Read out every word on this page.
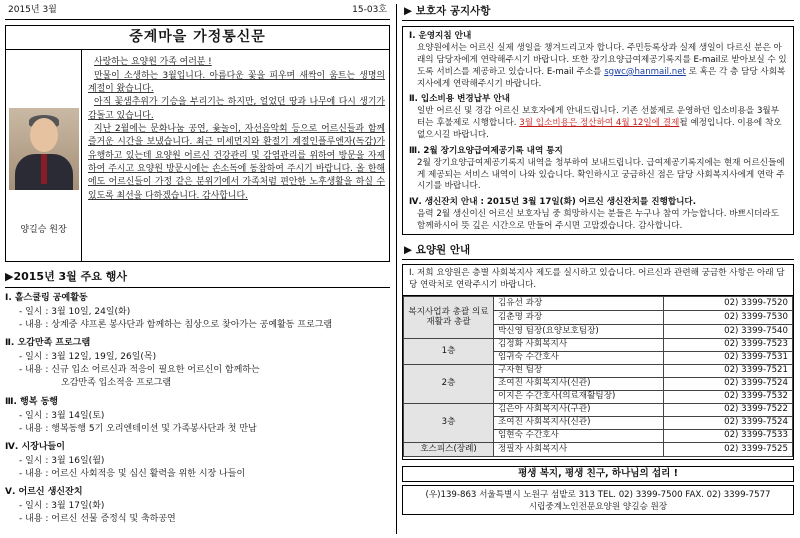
2015년 3월	15-03호
중계마을 가정통신문
양길승 원장

사랑하는 요양원 가족 여러분 !

만물이 소생하는 3월입니다. 아름다운 꽃을 피우며 새싹이 움트는 생명의 계절이 왔습니다.

아직 꽃샘추위가 기승을 부리기는 하지만, 얼었던 땅과 나무에 다시 생기가 감돌고 있습니다.

지난 2월에는 문화나눔 공연, 윷놀이, 자선음악회 등으로 어르신들과 함께 즐거운 시간을 보냈습니다. 최근 미세먼지와 환절기 계절인플루엔자(독감)가 유행하고 있는데 요양원 어르신 건강관리 및 감염관리를 위하여 방문을 자제하여 주시고 요양원 방문시에는 손소독에 동참하여 주시기 바랍니다. 올 한해에도 어르신들이 가정 같은 분위기에서 가족처럼 편안한 노후생활을 하실 수 있도록 최선을 다하겠습니다. 감사합니다.

▶2015년 3월 주요 행사
Ⅰ. 홀스쿨링 공예활동
- 일시 : 3월 10일, 24일(화)
- 내용 : 상계중 샤프론 봉사단과 함께하는 침상으로 찾아가는 공예활동 프로그램
Ⅱ. 오감만족 프로그램
- 일시 : 3월 12일, 19일, 26일(목)
- 내용 : 신규 입소 어르신과 적응이 필요한 어르신이 함께하는
오감만족 입소적응 프로그램
Ⅲ. 행복 동행
- 일시 : 3월 14일(토)
- 내용 : 행복동행 5기 오리엔테이션 및 가족봉사단과 첫 만남
Ⅳ. 시장나들이
- 일시 : 3월 16일(월)
- 내용 : 어르신 사회적응 및 심신 활력을 위한 시장 나들이
Ⅴ. 어르신 생신잔치
- 일시 : 3월 17일(화)
- 내용 : 어르신 선물 증정식 및 축하공연
▶ 보호자 공지사항
Ⅰ. 운영지침 안내
요양원에서는 어르신 실제 생일을 챙겨드리고자 합니다. 주민등록상과 실제 생일이 다르신 분은 아래의 담당자에게 연락해주시기 바랍니다. 또한 장기요양급여제공기록지를 E-mail로 받아보실 수 있도록 서비스를 제공하고 있습니다. E-mail 주소를 sgwc@hanmail.net 로 혹은 각 층 담당 사회복지사에게 연락해주시기 바랍니다.
Ⅱ. 입소비용 변경납부 안내
일반 어르신 및 경감 어르신 보호자에게 안내드립니다. 기존 선불제로 운영하던 입소비용을 3월부터는 후불제로 시행합니다. 3월 입소비용은 정산하여 4월 12일에 결제될 예정입니다. 이용에 착오 없으시길 바랍니다.
Ⅲ. 2월 장기요양급여제공기록 내역 통지
2월 장기요양급여제공기록지 내역을 청부하여 보내드립니다. 급여제공기록지에는 현재 어르신들에게 제공되는 서비스 내역이 나와 있습니다. 확인하시고 궁금하신 점은 담당 사회복지사에게 연락 주시기를 바랍니다.
Ⅳ. 생신잔치 안내 : 2015년 3월 17일(화) 어르신 생신잔치를 진행합니다.
음력 2월 생신이신 어르신 보호자님 중 희망하시는 분들은 누구나 참여 가능합니다. 바쁘시더라도 함께하시어 뜻 깊은 시간으로 만들어 주시면 고맙겠습니다. 감사합니다.
▶ 요양원 안내
Ⅰ. 저희 요양원은 층별 사회복지사 제도를 실시하고 있습니다. 어르신과 관련해 궁금한 사항은 아래 담당 연락처로 연락주시기 바랍니다.
복지사업과 총괄 의료재활과 총괄	김유선 과장	02) 3399-7520
	김춘명 과장	02) 3399-7530
	박신영 팀장(요양보호팀장)	02) 3399-7540
1층	김정화 사회복지사	02) 3399-7523
	임귀숙 수간호사	02) 3399-7531
2층	구자현 팀장	02) 3399-7521
	조여진 사회복지사(신관)	02) 3399-7524
	이지은 수간호사(의료재활팀장)	02) 3399-7532
3층	김은아 사회복지사(구관)	02) 3399-7522
	조여진 사회복지사(신관)	02) 3399-7524
	임현숙 수간호사	02) 3399-7533
호스피스(장례)	정필자 사회복지사	02) 3399-7525
평생 복지, 평생 친구, 하나님의 섭리 !
(우)139-863 서울특별시 노원구 섬밭로 313 TEL. 02) 3399-7500 FAX. 02) 3399-7577
시립중계노인전문요양원 양길승 원장
